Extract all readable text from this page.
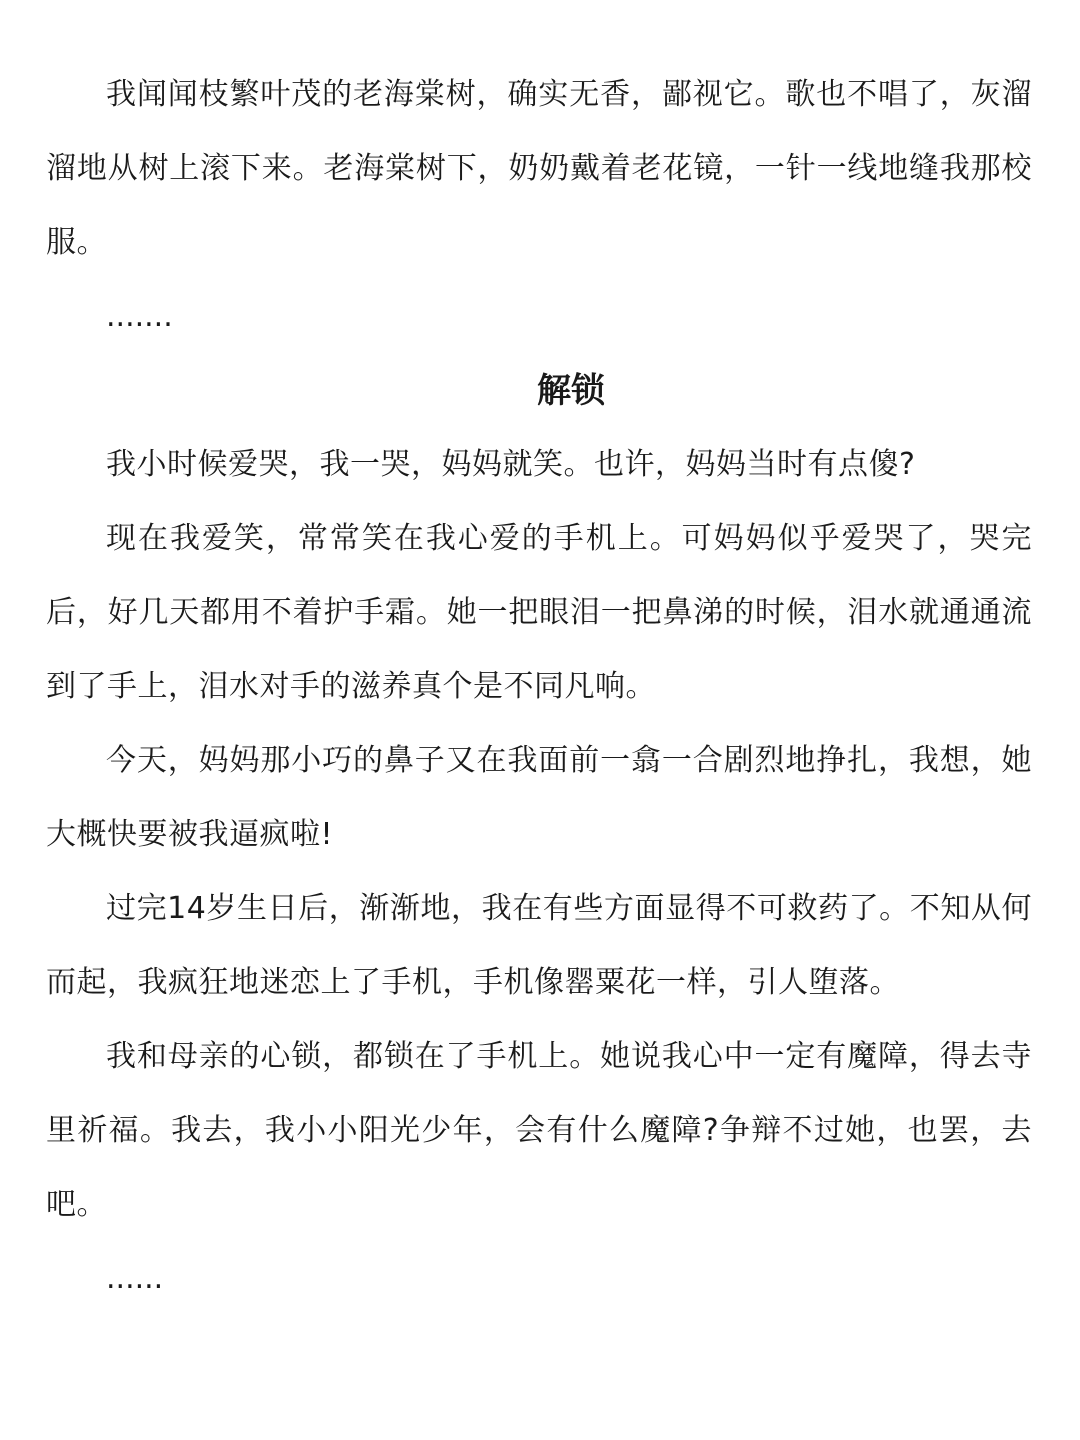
我闻闻枝繁叶茂的老海棠树，确实无香，鄙视它。歌也不唱了，灰溜溜地从树上滚下来。老海棠树下，奶奶戴着老花镜，一针一线地缝我那校服。

.......

解锁

我小时候爱哭，我一哭，妈妈就笑。也许，妈妈当时有点傻?

现在我爱笑，常常笑在我心爱的手机上。可妈妈似乎爱哭了，哭完后，好几天都用不着护手霜。她一把眼泪一把鼻涕的时候，泪水就通通流到了手上，泪水对手的滋养真个是不同凡响。

今天，妈妈那小巧的鼻子又在我面前一翕一合剧烈地挣扎，我想，她大概快要被我逼疯啦!

过完14岁生日后，渐渐地，我在有些方面显得不可救药了。不知从何而起，我疯狂地迷恋上了手机，手机像罂粟花一样，引人堕落。

我和母亲的心锁，都锁在了手机上。她说我心中一定有魔障，得去寺里祈福。我去，我小小阳光少年，会有什么魔障?争辩不过她，也罢，去吧。

......
